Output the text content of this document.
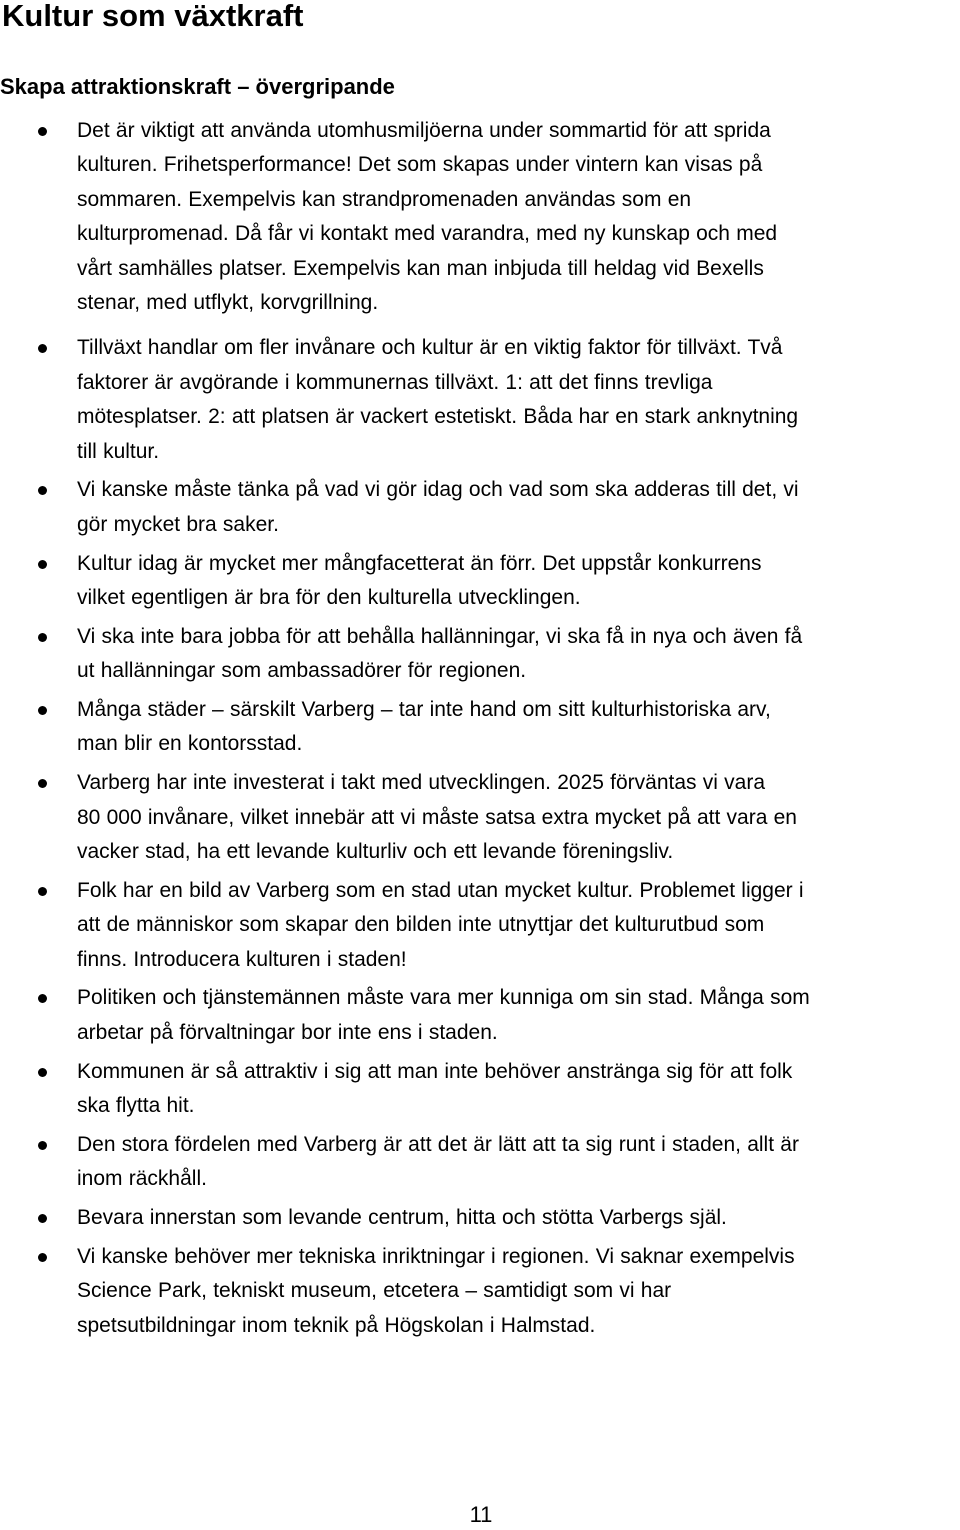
Kultur som växtkraft
Skapa attraktionskraft – övergripande
Det är viktigt att använda utomhusmiljöerna under sommartid för att sprida
kulturen. Frihetsperformance! Det som skapas under vintern kan visas på
sommaren. Exempelvis kan strandpromenaden användas som en
kulturpromenad. Då får vi kontakt med varandra, med ny kunskap och med
vårt samhälles platser. Exempelvis kan man inbjuda till heldag vid Bexells
stenar, med utflykt, korvgrillning.
Tillväxt handlar om fler invånare och kultur är en viktig faktor för tillväxt. Två
faktorer är avgörande i kommunernas tillväxt. 1: att det finns trevliga
mötesplatser. 2: att platsen är vackert estetiskt. Båda har en stark anknytning
till kultur.
Vi kanske måste tänka på vad vi gör idag och vad som ska adderas till det, vi
gör mycket bra saker.
Kultur idag är mycket mer mångfacetterat än förr. Det uppstår konkurrens
vilket egentligen är bra för den kulturella utvecklingen.
Vi ska inte bara jobba för att behålla hallänningar, vi ska få in nya och även få
ut hallänningar som ambassadörer för regionen.
Många städer – särskilt Varberg – tar inte hand om sitt kulturhistoriska arv,
man blir en kontorsstad.
Varberg har inte investerat i takt med utvecklingen. 2025 förväntas vi vara
80 000 invånare, vilket innebär att vi måste satsa extra mycket på att vara en
vacker stad, ha ett levande kulturliv och ett levande föreningsliv.
Folk har en bild av Varberg som en stad utan mycket kultur. Problemet ligger i
att de människor som skapar den bilden inte utnyttjar det kulturutbud som
finns. Introducera kulturen i staden!
Politiken och tjänstemännen måste vara mer kunniga om sin stad. Många som
arbetar på förvaltningar bor inte ens i staden.
Kommunen är så attraktiv i sig att man inte behöver anstränga sig för att folk
ska flytta hit.
Den stora fördelen med Varberg är att det är lätt att ta sig runt i staden, allt är
inom räckhåll.
Bevara innerstan som levande centrum, hitta och stötta Varbergs själ.
Vi kanske behöver mer tekniska inriktningar i regionen. Vi saknar exempelvis
Science Park, tekniskt museum, etcetera – samtidigt som vi har
spetsutbildningar inom teknik på Högskolan i Halmstad.
11
